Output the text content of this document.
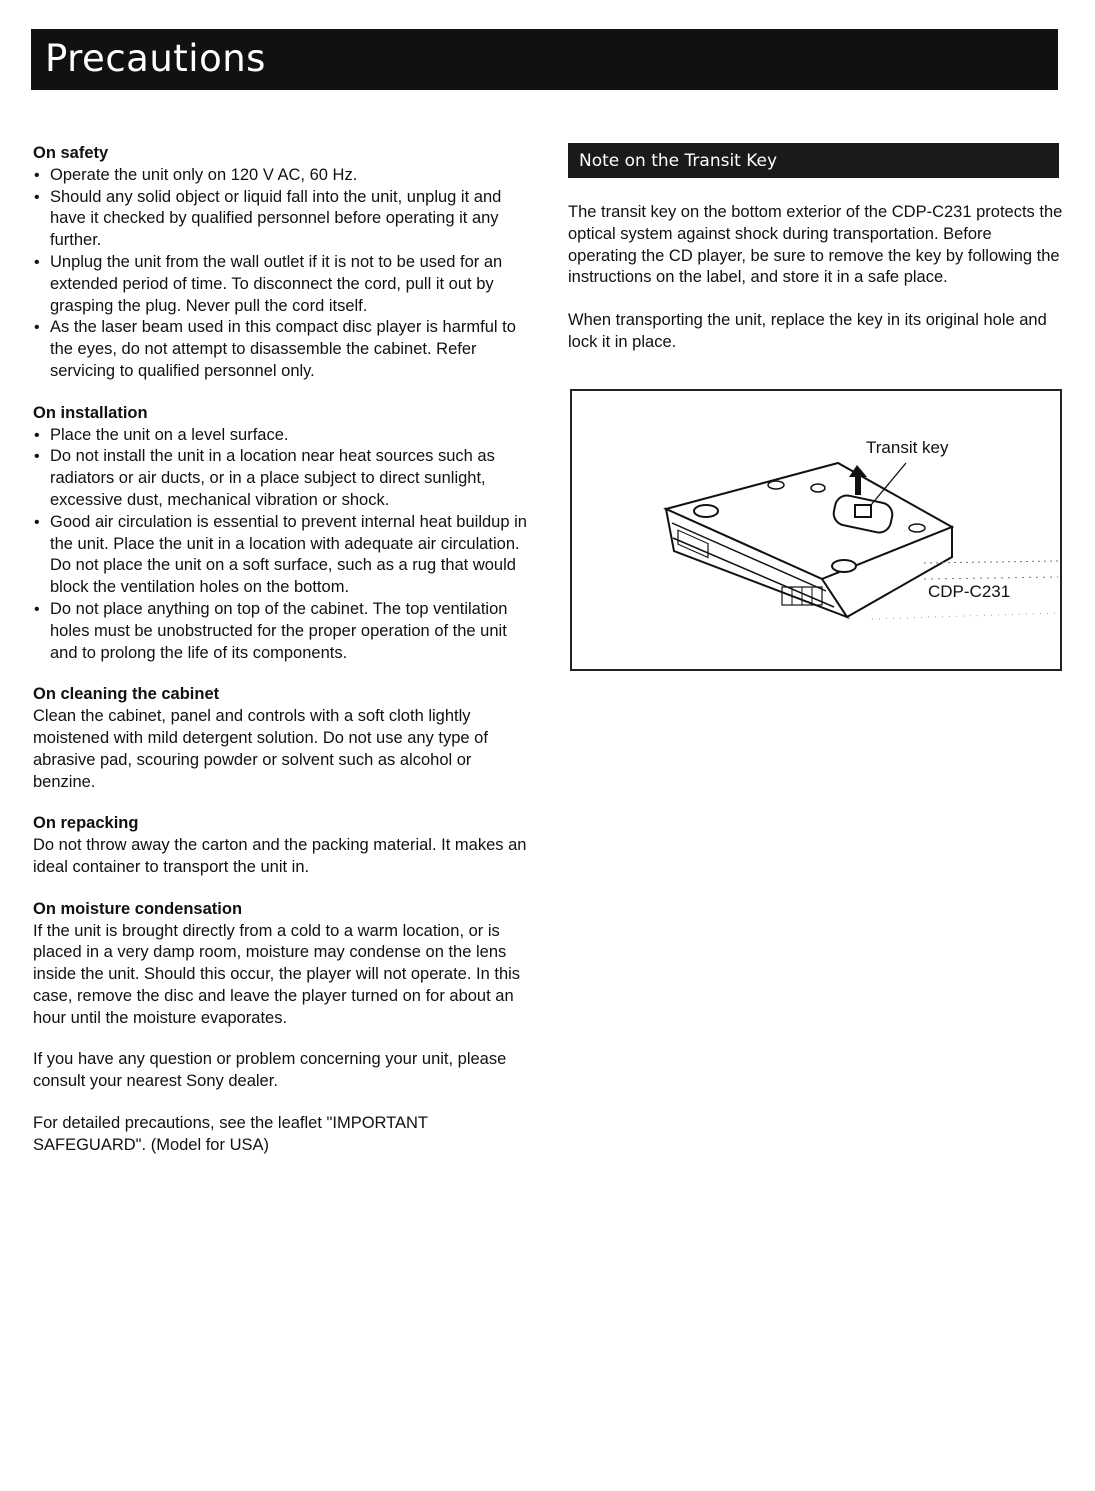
Precautions
On safety
• Operate the unit only on 120 V AC, 60 Hz.
• Should any solid object or liquid fall into the unit, unplug it and have it checked by qualified personnel before operating it any further.
• Unplug the unit from the wall outlet if it is not to be used for an extended period of time. To disconnect the cord, pull it out by grasping the plug. Never pull the cord itself.
• As the laser beam used in this compact disc player is harmful to the eyes, do not attempt to disassemble the cabinet. Refer servicing to qualified personnel only.
On installation
• Place the unit on a level surface.
• Do not install the unit in a location near heat sources such as radiators or air ducts, or in a place subject to direct sunlight, excessive dust, mechanical vibration or shock.
• Good air circulation is essential to prevent internal heat buildup in the unit. Place the unit in a location with adequate air circulation. Do not place the unit on a soft surface, such as a rug that would block the ventilation holes on the bottom.
• Do not place anything on top of the cabinet. The top ventilation holes must be unobstructed for the proper operation of the unit and to prolong the life of its components.
On cleaning the cabinet

Clean the cabinet, panel and controls with a soft cloth lightly moistened with mild detergent solution. Do not use any type of abrasive pad, scouring powder or solvent such as alcohol or benzine.

On repacking

Do not throw away the carton and the packing material. It makes an ideal container to transport the unit in.

On moisture condensation

If the unit is brought directly from a cold to a warm location, or is placed in a very damp room, moisture may condense on the lens inside the unit. Should this occur, the player will not operate. In this case, remove the disc and leave the player turned on for about an hour until the moisture evaporates.

If you have any question or problem concerning your unit, please consult your nearest Sony dealer.

For detailed precautions, see the leaflet "IMPORTANT SAFEGUARD". (Model for USA)

Note on the Transit Key

The transit key on the bottom exterior of the CDP-C231 protects the optical system against shock during transportation. Before operating the CD player, be sure to remove the key by following the instructions on the label, and store it in a safe place.

When transporting the unit, replace the key in its original hole and lock it in place.

Transit key
CDP-C231
